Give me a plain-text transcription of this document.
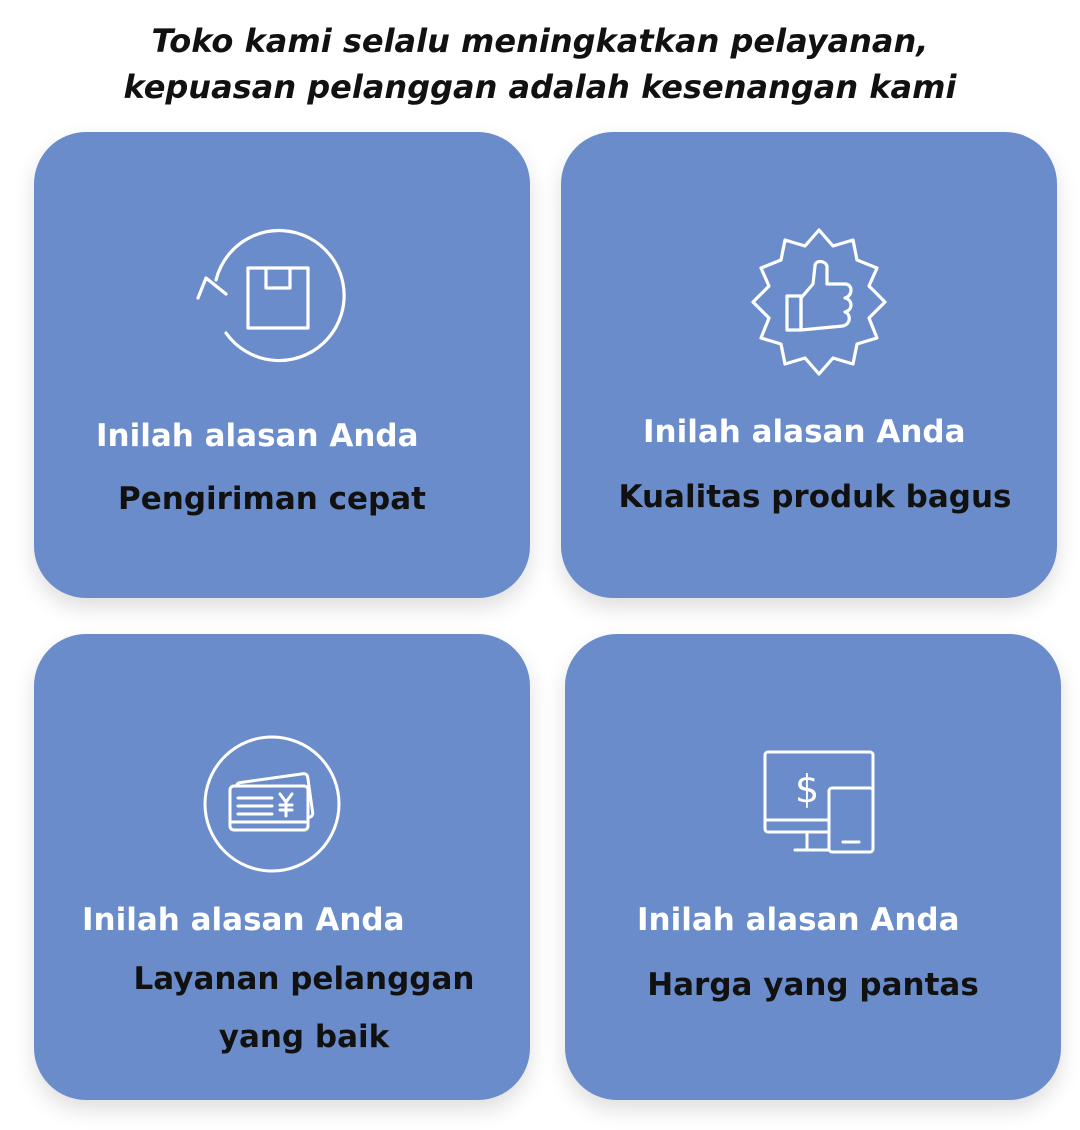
Toko kami selalu meningkatkan pelayanan,
kepuasan pelanggan adalah kesenangan kami

Inilah alasan Anda

Pengiriman cepat

Inilah alasan Anda

Kualitas produk bagus

Inilah alasan Anda

Layanan pelanggan

yang baik

$

Inilah alasan Anda

Harga yang pantas
